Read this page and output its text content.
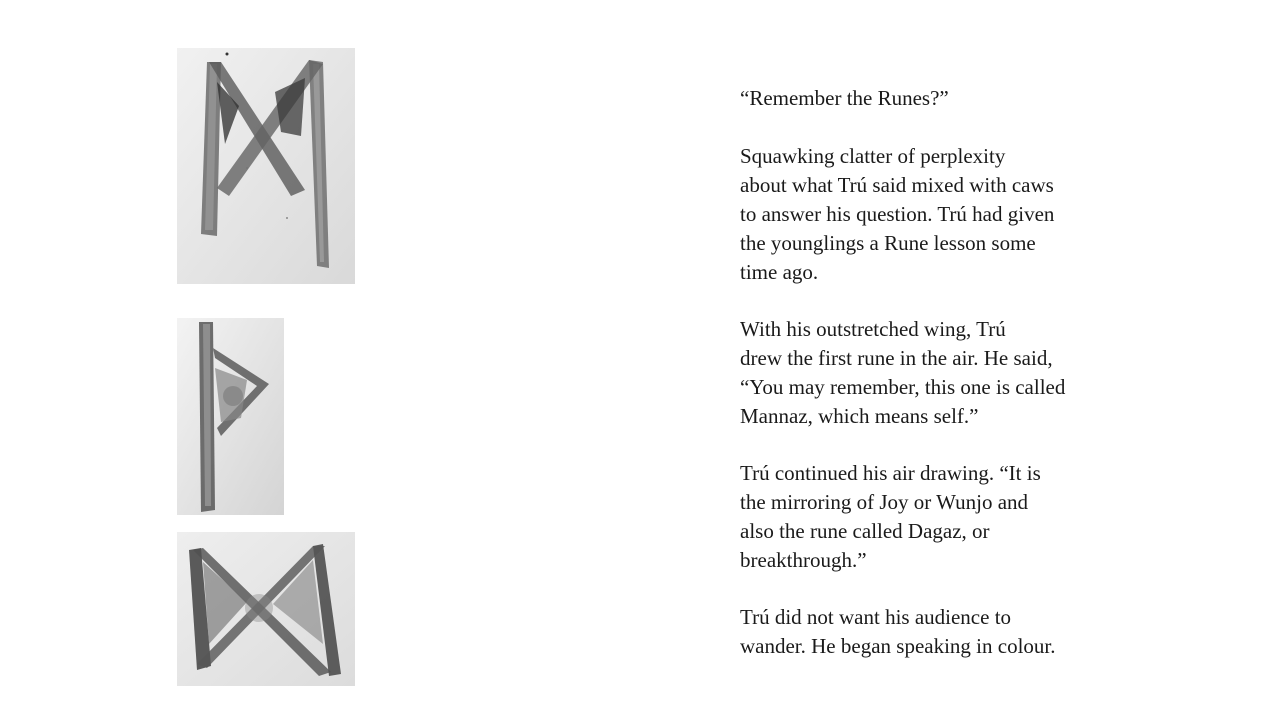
“Remember the Runes?”

Squawking clatter of perplexity
about what Trú said mixed with caws
to answer his question. Trú had given
the younglings a Rune lesson some
time ago.

With his outstretched wing, Trú
drew the first rune in the air. He said,
“You may remember, this one is called
Mannaz, which means self.”

Trú continued his air drawing. “It is
the mirroring of Joy or Wunjo and
also the rune called Dagaz, or
breakthrough.”

Trú did not want his audience to
wander. He began speaking in colour.
